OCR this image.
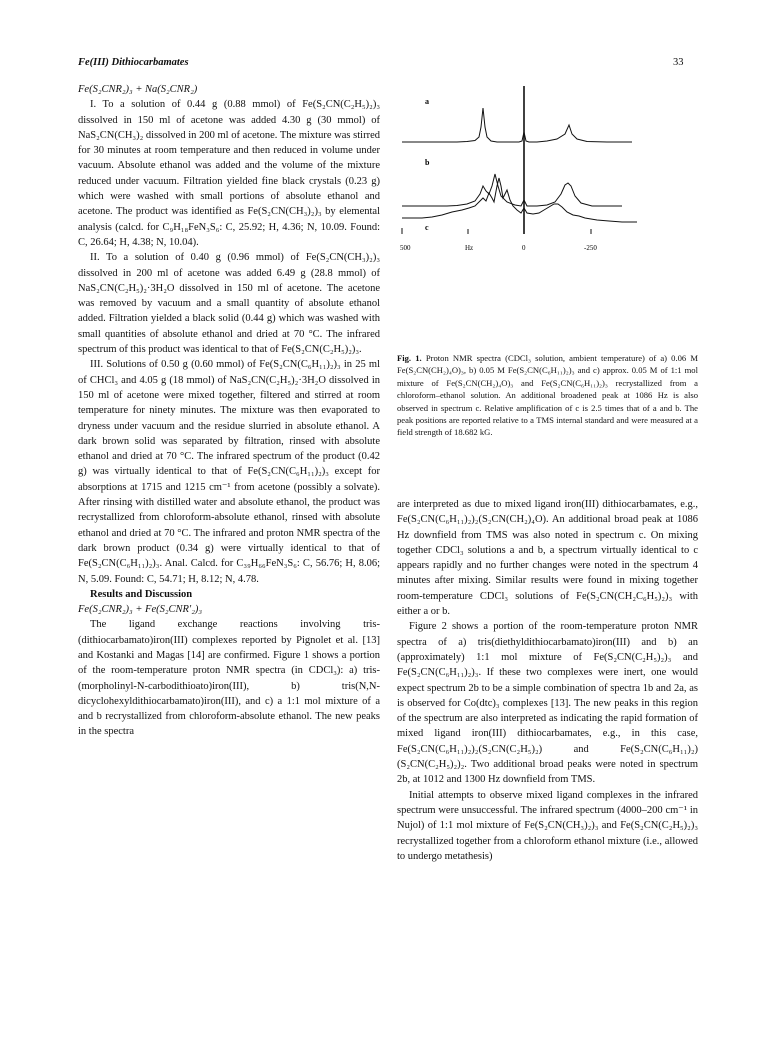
Fe(III) Dithiocarbamates	33

Fe(S₂CNR₂)₃ + Na(S₂CNR₂)

I. To a solution of 0.44 g (0.88 mmol) of Fe(S₂CN(C₂H₅)₂)₃ dissolved in 150 ml of acetone was added 4.30 g (30 mmol) of NaS₂CN(CH₃)₂ dissolved in 200 ml of acetone. The mixture was stirred for 30 minutes at room temperature and then reduced in volume under vacuum. Absolute ethanol was added and the volume of the mixture reduced under vacuum. Filtration yielded fine black crystals (0.23 g) which were washed with small portions of absolute ethanol and acetone. The product was identified as Fe(S₂CN(CH₃)₂)₃ by elemental analysis (calcd. for C₉H₁₈FeN₃S₆: C, 25.92; H, 4.36; N, 10.09. Found: C, 26.64; H, 4.38; N, 10.04).

II. To a solution of 0.40 g (0.96 mmol) of Fe(S₂CN(CH₃)₂)₃ dissolved in 200 ml of acetone was added 6.49 g (28.8 mmol) of NaS₂CN(C₂H₅)₂·3H₂O dissolved in 150 ml of acetone. The acetone was removed by vacuum and a small quantity of absolute ethanol added. Filtration yielded a black solid (0.44 g) which was washed with small quantities of absolute ethanol and dried at 70 °C. The infrared spectrum of this product was identical to that of Fe(S₂CN(C₂H₅)₂)₃.

III. Solutions of 0.50 g (0.60 mmol) of Fe(S₂CN(C₆H₁₁)₂)₃ in 25 ml of CHCl₃ and 4.05 g (18 mmol) of NaS₂CN(C₂H₅)₂·3H₂O dissolved in 150 ml of acetone were mixed together, filtered and stirred at room temperature for ninety minutes. The mixture was then evaporated to dryness under vacuum and the residue slurried in absolute ethanol. A dark brown solid was separated by filtration, rinsed with absolute ethanol and dried at 70 °C. The infrared spectrum of the product (0.42 g) was virtually identical to that of Fe(S₂CN(C₆H₁₁)₂)₃ except for absorptions at 1715 and 1215 cm⁻¹ from acetone (possibly a solvate). After rinsing with distilled water and absolute ethanol, the product was recrystallized from chloroform-absolute ethanol, rinsed with absolute ethanol and dried at 70 °C. The infrared and proton NMR spectra of the dark brown product (0.34 g) were virtually identical to that of Fe(S₂CN(C₆H₁₁)₂)₃. Anal. Calcd. for C₃₉H₆₆FeN₃S₆: C, 56.76; H, 8.06; N, 5.09. Found: C, 54.71; H, 8.12; N, 4.78.

Results and Discussion

Fe(S₂CNR₂)₃ + Fe(S₂CNR′₂)₃

The ligand exchange reactions involving tris-(dithiocarbamato)iron(III) complexes reported by Pignolet et al. [13] and Kostanki and Magas [14] are confirmed. Figure 1 shows a portion of the room-temperature proton NMR spectra (in CDCl₃): a) tris-(morpholinyl-N-carbodithioato)iron(III), b) tris(N,N-dicyclohexyldithiocarbamato)iron(III), and c) a 1:1 mol mixture of a and b recrystallized from chloroform-absolute ethanol. The new peaks in the spectra

a
b
c
500	Hz	0	-250
Fig. 1. Proton NMR spectra (CDCl₃ solution, ambient temperature) of a) 0.06 M Fe(S₂CN(CH₂)₄O)₃, b) 0.05 M Fe(S₂CN(C₆H₁₁)₂)₃ and c) approx. 0.05 M of 1:1 mol mixture of Fe(S₂CN(CH₂)₄O)₃ and Fe(S₂CN(C₆H₁₁)₂)₃ recrystallized from a chloroform–ethanol solution. An additional broadened peak at 1086 Hz is also observed in spectrum c. Relative amplification of c is 2.5 times that of a and b. The peak positions are reported relative to a TMS internal standard and were measured at a field strength of 18.682 kG.

are interpreted as due to mixed ligand iron(III) dithiocarbamates, e.g., Fe(S₂CN(C₆H₁₁)₂)₂(S₂CN(CH₂)₄O). An additional broad peak at 1086 Hz downfield from TMS was also noted in spectrum c. On mixing together CDCl₃ solutions a and b, a spectrum virtually identical to c appears rapidly and no further changes were noted in the spectrum 4 minutes after mixing. Similar results were found in mixing together room-temperature CDCl₃ solutions of Fe(S₂CN(CH₂C₆H₅)₂)₃ with either a or b.

Figure 2 shows a portion of the room-temperature proton NMR spectra of a) tris(diethyldithiocarbamato)iron(III) and b) an (approximately) 1:1 mol mixture of Fe(S₂CN(C₂H₅)₂)₃ and Fe(S₂CN(C₆H₁₁)₂)₃. If these two complexes were inert, one would expect spectrum 2b to be a simple combination of spectra 1b and 2a, as is observed for Co(dtc)₃ complexes [13]. The new peaks in this region of the spectrum are also interpreted as indicating the rapid formation of mixed ligand iron(III) dithiocarbamates, e.g., in this case, Fe(S₂CN(C₆H₁₁)₂)₂(S₂CN(C₂H₅)₂) and Fe(S₂CN(C₆H₁₁)₂)(S₂CN(C₂H₅)₂)₂. Two additional broad peaks were noted in spectrum 2b, at 1012 and 1300 Hz downfield from TMS.

Initial attempts to observe mixed ligand complexes in the infrared spectrum were unsuccessful. The infrared spectrum (4000–200 cm⁻¹ in Nujol) of 1:1 mol mixture of Fe(S₂CN(CH₃)₂)₃ and Fe(S₂CN(C₂H₅)₂)₃ recrystallized together from a chloroform ethanol mixture (i.e., allowed to undergo metathesis)
